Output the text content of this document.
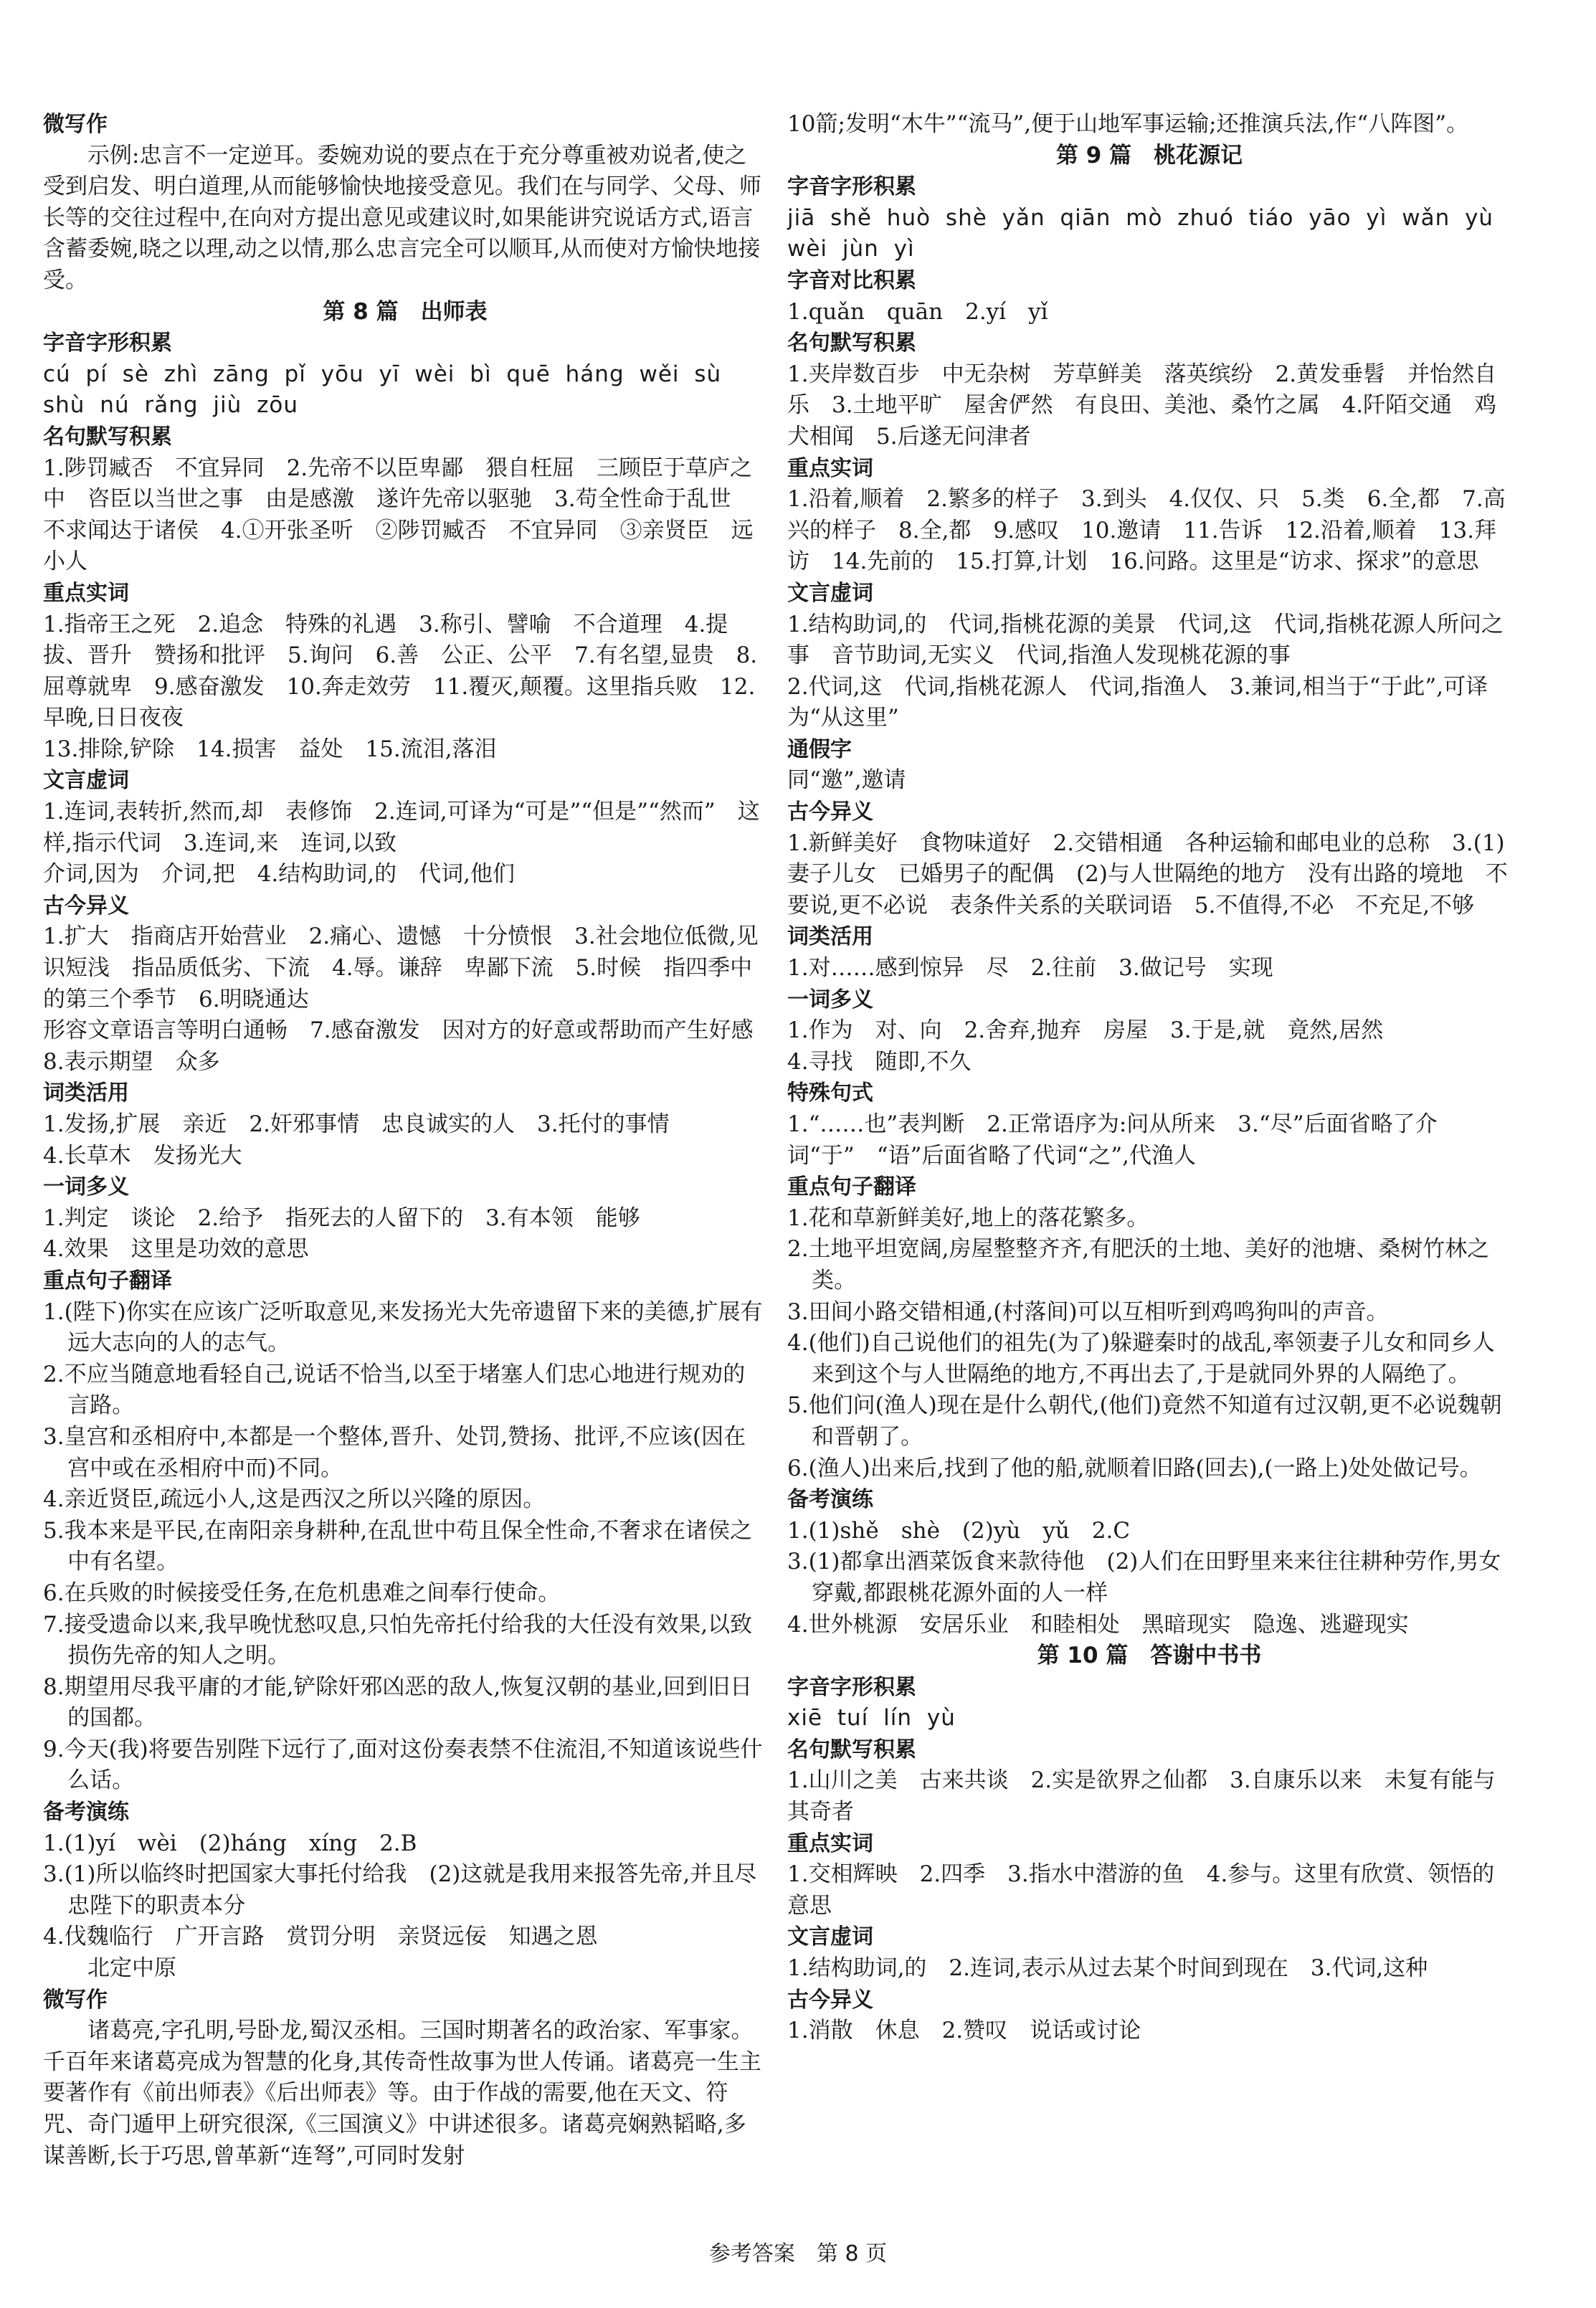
微写作
示例:忠言不一定逆耳。委婉劝说的要点在于充分尊重被劝说者,使之受到启发、明白道理,从而能够愉快地接受意见。我们在与同学、父母、师长等的交往过程中,在向对方提出意见或建议时,如果能讲究说话方式,语言含蓄委婉,晓之以理,动之以情,那么忠言完全可以顺耳,从而使对方愉快地接受。
第 8 篇　出师表
字音字形积累
cú pí sè zhì zāng pǐ yōu yī wèi bì quē háng wěi sù shù nú rǎng jiù zōu
名句默写积累
1.陟罚臧否　不宜异同　2.先帝不以臣卑鄙　猥自枉屈　三顾臣于草庐之中　咨臣以当世之事　由是感激　遂许先帝以驱驰　3.苟全性命于乱世　不求闻达于诸侯　4.①开张圣听　②陟罚臧否　不宜异同　③亲贤臣　远小人
重点实词
1.指帝王之死　2.追念　特殊的礼遇　3.称引、譬喻　不合道理　4.提拔、晋升　赞扬和批评　5.询问　6.善　公正、公平　7.有名望,显贵　8.屈尊就卑　9.感奋激发　10.奔走效劳　11.覆灭,颠覆。这里指兵败　12.早晚,日日夜夜
13.排除,铲除　14.损害　益处　15.流泪,落泪
文言虚词
1.连词,表转折,然而,却　表修饰　2.连词,可译为“可是”“但是”“然而”　这样,指示代词　3.连词,来　连词,以致
介词,因为　介词,把　4.结构助词,的　代词,他们
古今异义
1.扩大　指商店开始营业　2.痛心、遗憾　十分愤恨　3.社会地位低微,见识短浅　指品质低劣、下流　4.辱。谦辞　卑鄙下流　5.时候　指四季中的第三个季节　6.明晓通达
形容文章语言等明白通畅　7.感奋激发　因对方的好意或帮助而产生好感　8.表示期望　众多
词类活用
1.发扬,扩展　亲近　2.奸邪事情　忠良诚实的人　3.托付的事情
4.长草木　发扬光大
一词多义
1.判定　谈论　2.给予　指死去的人留下的　3.有本领　能够
4.效果　这里是功效的意思
重点句子翻译
1.(陛下)你实在应该广泛听取意见,来发扬光大先帝遗留下来的美德,扩展有远大志向的人的志气。
2.不应当随意地看轻自己,说话不恰当,以至于堵塞人们忠心地进行规劝的言路。
3.皇宫和丞相府中,本都是一个整体,晋升、处罚,赞扬、批评,不应该(因在宫中或在丞相府中而)不同。
4.亲近贤臣,疏远小人,这是西汉之所以兴隆的原因。
5.我本来是平民,在南阳亲身耕种,在乱世中苟且保全性命,不奢求在诸侯之中有名望。
6.在兵败的时候接受任务,在危机患难之间奉行使命。
7.接受遗命以来,我早晚忧愁叹息,只怕先帝托付给我的大任没有效果,以致损伤先帝的知人之明。
8.期望用尽我平庸的才能,铲除奸邪凶恶的敌人,恢复汉朝的基业,回到旧日的国都。
9.今天(我)将要告别陛下远行了,面对这份奏表禁不住流泪,不知道该说些什么话。
备考演练
1.(1)yí　wèi　(2)háng　xíng　2.B
3.(1)所以临终时把国家大事托付给我　(2)这就是我用来报答先帝,并且尽忠陛下的职责本分
4.伐魏临行　广开言路　赏罚分明　亲贤远佞　知遇之恩
北定中原
微写作
诸葛亮,字孔明,号卧龙,蜀汉丞相。三国时期著名的政治家、军事家。千百年来诸葛亮成为智慧的化身,其传奇性故事为世人传诵。诸葛亮一生主要著作有《前出师表》《后出师表》等。由于作战的需要,他在天文、符咒、奇门遁甲上研究很深,《三国演义》中讲述很多。诸葛亮娴熟韬略,多谋善断,长于巧思,曾革新“连弩”,可同时发射
10箭;发明“木牛”“流马”,便于山地军事运输;还推演兵法,作“八阵图”。
第 9 篇　桃花源记
字音字形积累
jiā shě huò shè yǎn qiān mò zhuó tiáo yāo yì wǎn yù wèi jùn yì
字音对比积累
1.quǎn　quān　2.yí　yǐ
名句默写积累
1.夹岸数百步　中无杂树　芳草鲜美　落英缤纷　2.黄发垂髫　并怡然自乐　3.土地平旷　屋舍俨然　有良田、美池、桑竹之属　4.阡陌交通　鸡犬相闻　5.后遂无问津者
重点实词
1.沿着,顺着　2.繁多的样子　3.到头　4.仅仅、只　5.类　6.全,都　7.高兴的样子　8.全,都　9.感叹　10.邀请　11.告诉　12.沿着,顺着　13.拜访　14.先前的　15.打算,计划　16.问路。这里是“访求、探求”的意思
文言虚词
1.结构助词,的　代词,指桃花源的美景　代词,这　代词,指桃花源人所问之事　音节助词,无实义　代词,指渔人发现桃花源的事
2.代词,这　代词,指桃花源人　代词,指渔人　3.兼词,相当于“于此”,可译为“从这里”
通假字
同“邀”,邀请
古今异义
1.新鲜美好　食物味道好　2.交错相通　各种运输和邮电业的总称　3.(1)妻子儿女　已婚男子的配偶　(2)与人世隔绝的地方　没有出路的境地　不要说,更不必说　表条件关系的关联词语　5.不值得,不必　不充足,不够
词类活用
1.对……感到惊异　尽　2.往前　3.做记号　实现
一词多义
1.作为　对、向　2.舍弃,抛弃　房屋　3.于是,就　竟然,居然
4.寻找　随即,不久
特殊句式
1.“……也”表判断　2.正常语序为:问从所来　3.“尽”后面省略了介词“于”　“语”后面省略了代词“之”,代渔人
重点句子翻译
1.花和草新鲜美好,地上的落花繁多。
2.土地平坦宽阔,房屋整整齐齐,有肥沃的土地、美好的池塘、桑树竹林之类。
3.田间小路交错相通,(村落间)可以互相听到鸡鸣狗叫的声音。
4.(他们)自己说他们的祖先(为了)躲避秦时的战乱,率领妻子儿女和同乡人来到这个与人世隔绝的地方,不再出去了,于是就同外界的人隔绝了。
5.他们问(渔人)现在是什么朝代,(他们)竟然不知道有过汉朝,更不必说魏朝和晋朝了。
6.(渔人)出来后,找到了他的船,就顺着旧路(回去),(一路上)处处做记号。
备考演练
1.(1)shě　shè　(2)yù　yǔ　2.C
3.(1)都拿出酒菜饭食来款待他　(2)人们在田野里来来往往耕种劳作,男女穿戴,都跟桃花源外面的人一样
4.世外桃源　安居乐业　和睦相处　黑暗现实　隐逸、逃避现实
第 10 篇　答谢中书书
字音字形积累
xiē tuí lín yù
名句默写积累
1.山川之美　古来共谈　2.实是欲界之仙都　3.自康乐以来　未复有能与其奇者
重点实词
1.交相辉映　2.四季　3.指水中潜游的鱼　4.参与。这里有欣赏、领悟的意思
文言虚词
1.结构助词,的　2.连词,表示从过去某个时间到现在　3.代词,这种
古今异义
1.消散　休息　2.赞叹　说话或讨论
参考答案　第 8 页
